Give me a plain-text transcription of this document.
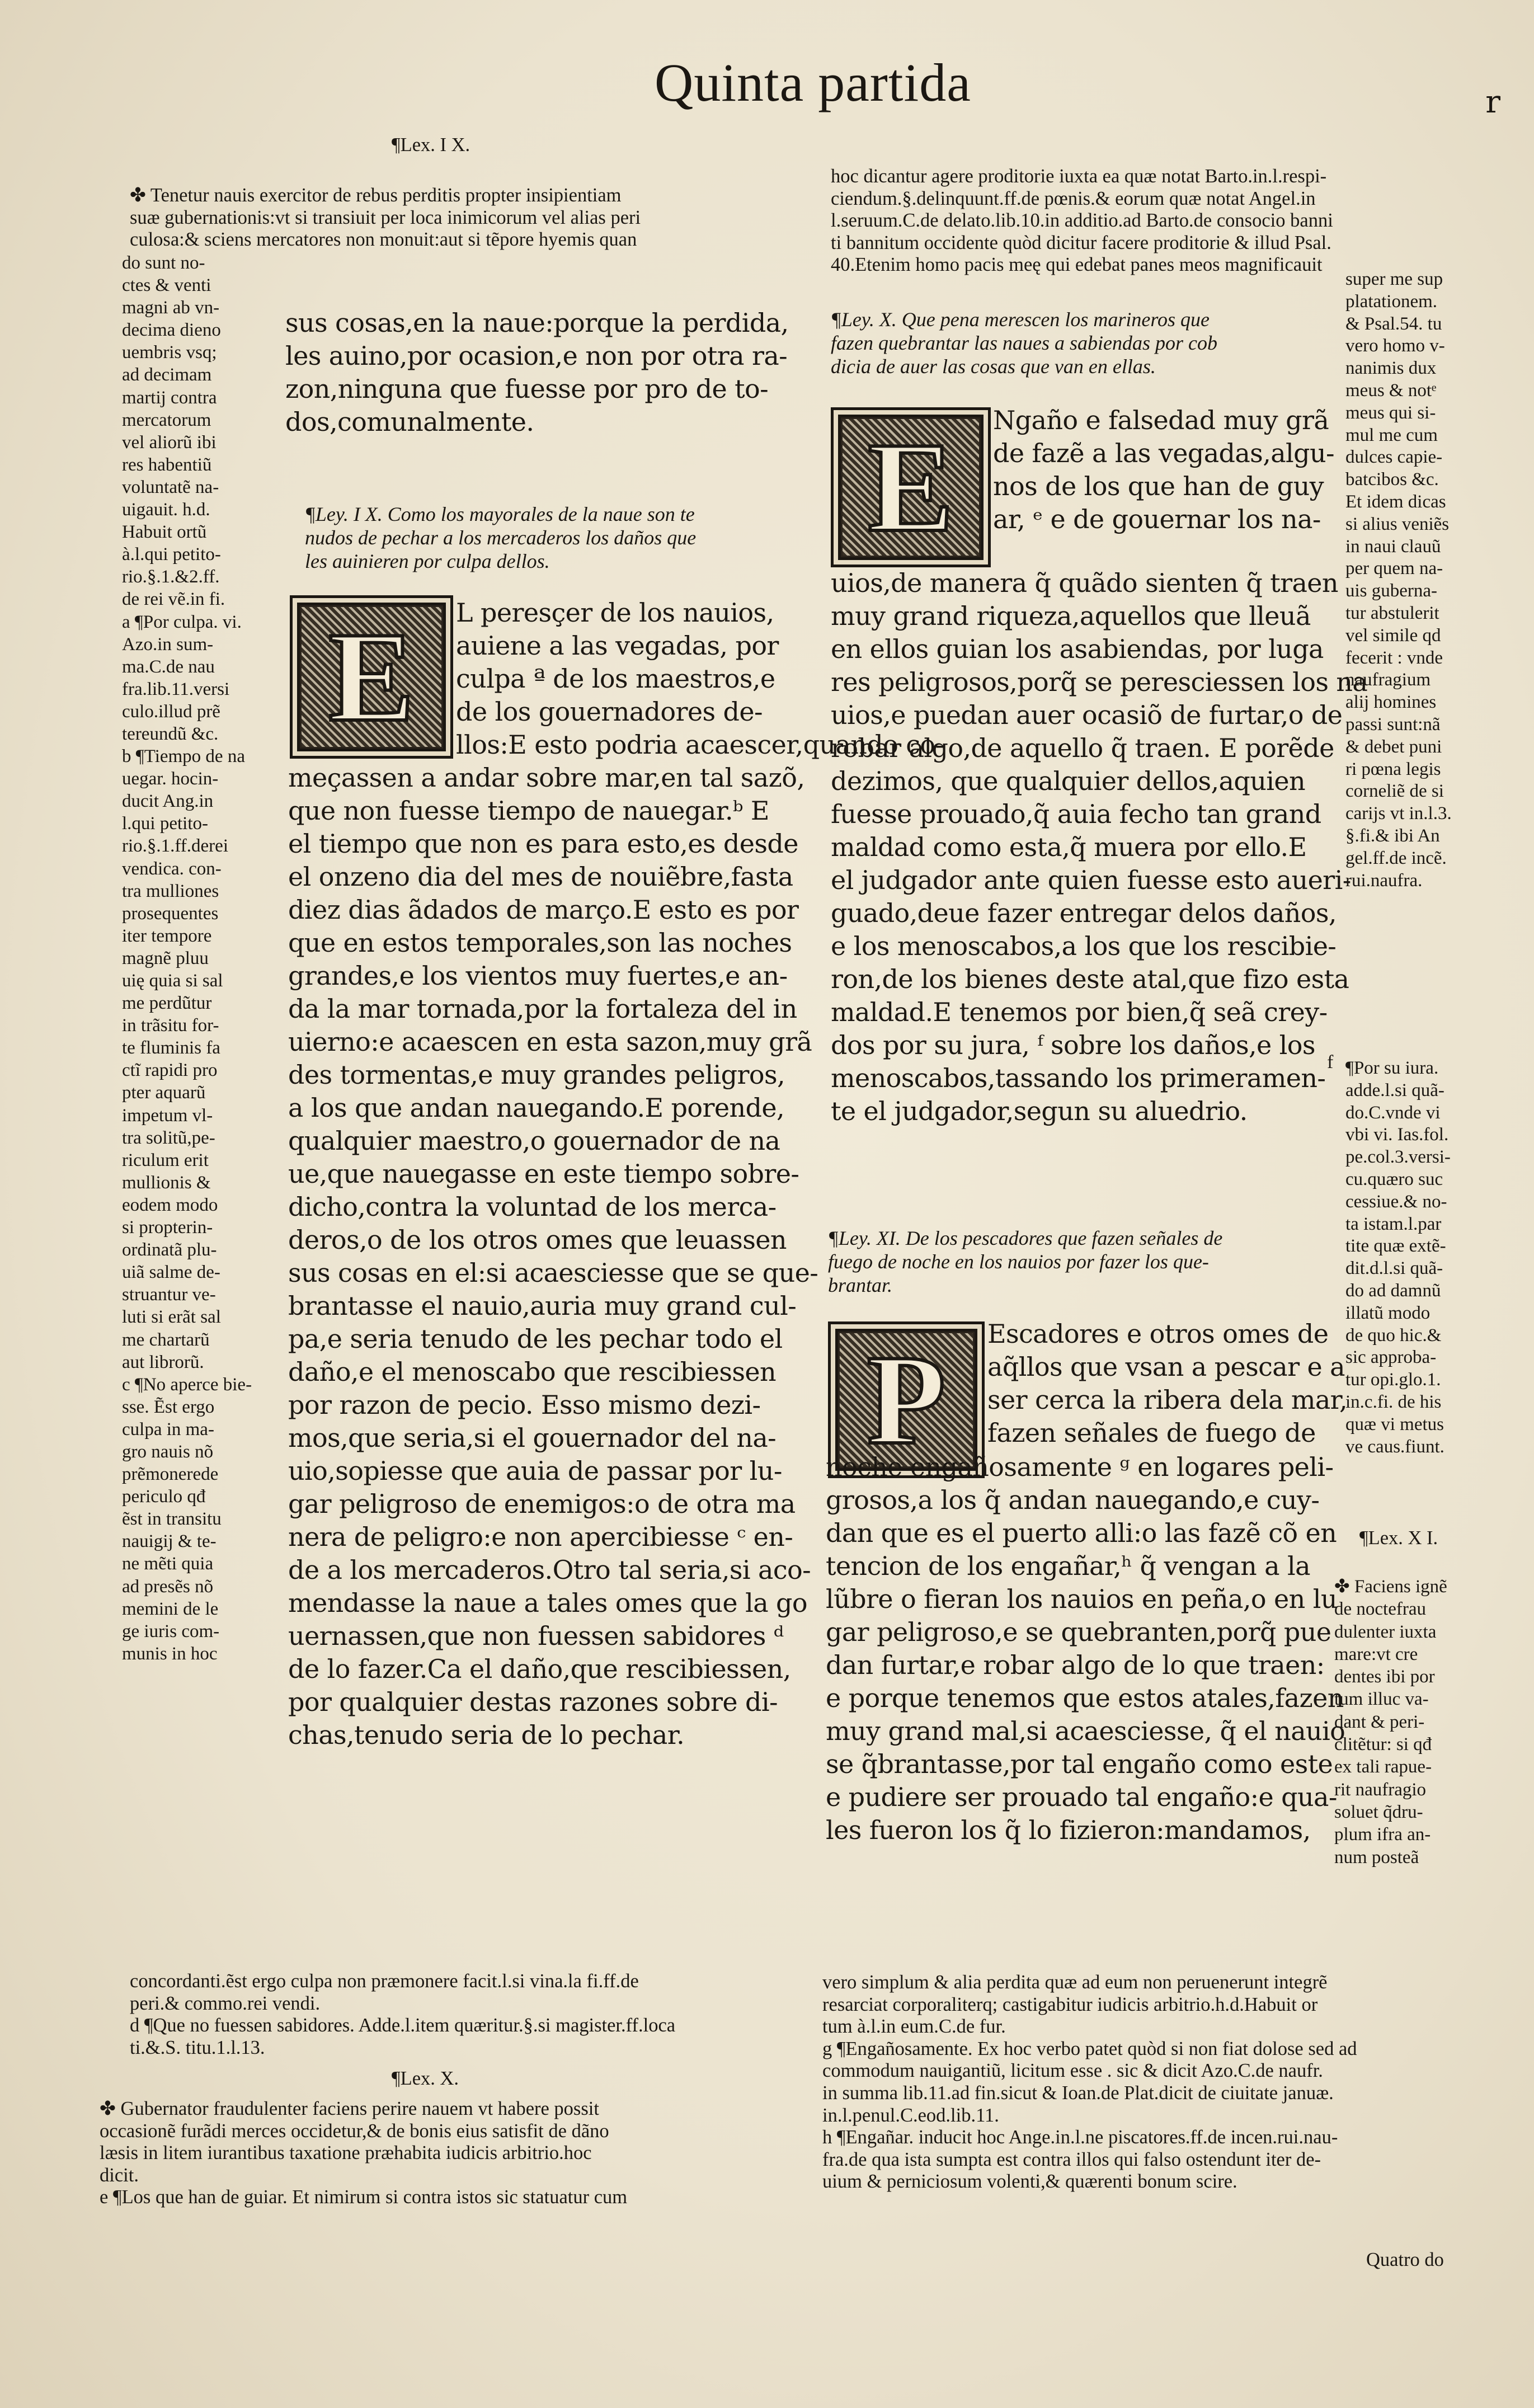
Quinta partida	r
¶Lex. I X.
✤ Tenetur nauis exercitor de rebus perditis propter insipientiam
suæ gubernationis:vt si transiuit per loca inimicorum vel alias peri
culosa:& sciens mercatores non monuit:aut si tẽpore hyemis quan
do sunt no-
ctes & venti
magni ab vn-
decima dieno
uembris vsq;
ad decimam
martij contra
mercatorum
vel aliorũ ibi
res habentiũ
voluntatẽ na-
uigauit. h.d.
Habuit ortũ
à.l.qui petito-
rio.§.1.&2.ff.
de rei vẽ.in fi.
a ¶Por culpa. vi.
Azo.in sum-
ma.C.de nau
fra.lib.11.versi
culo.illud prẽ
tereundũ &c.
b ¶Tiempo de na
uegar. hocin-
ducit Ang.in
l.qui petito-
rio.§.1.ff.derei
vendica. con-
tra mulliones
prosequentes
iter tempore
magnẽ pluu
uię quia si sal
me perdũtur
in trãsitu for-
te fluminis fa
ctĩ rapidi pro
pter aquarũ
impetum vl-
tra solitũ,pe-
riculum erit
mullionis &
eodem modo
si propterin-
ordinatã plu-
uiã salme de-
struantur ve-
luti si erãt sal
me chartarũ
aut librorũ.
c ¶No aperce bie-
sse. Ẽst ergo
culpa in ma-
gro nauis nõ
prẽmonerede
periculo qđ
ẽst in transitu
nauigij & te-
ne mẽti quia
ad presẽs nõ
memini de le
ge iuris com-
munis in hoc
sus cosas,en la naue:porque la perdida,
les auino,por ocasion,e non por otra ra-
zon,ninguna que fuesse por pro de to-
dos,comunalmente.
¶Ley. I X. Como los mayorales de la naue son te
nudos de pechar a los mercaderos los daños que
les auinieren por culpa dellos.
E	L peresçer de los nauios,
auiene a las vegadas, por
culpa ª de los maestros,e
de los gouernadores de-
llos:E esto podria acaescer,quando co-
meçassen a andar sobre mar,en tal sazõ,
que non fuesse tiempo de nauegar.ᵇ E
el tiempo que non es para esto,es desde
el onzeno dia del mes de nouiẽbre,fasta
diez dias ãdados de março.E esto es por
que en estos temporales,son las noches
grandes,e los vientos muy fuertes,e an-
da la mar tornada,por la fortaleza del in
uierno:e acaescen en esta sazon,muy grã
des tormentas,e muy grandes peligros,
a los que andan nauegando.E porende,
qualquier maestro,o gouernador de na
ue,que nauegasse en este tiempo sobre-
dicho,contra la voluntad de los merca-
deros,o de los otros omes que leuassen
sus cosas en el:si acaesciesse que se que-
brantasse el nauio,auria muy grand cul-
pa,e seria tenudo de les pechar todo el
daño,e el menoscabo que rescibiessen
por razon de pecio. Esso mismo dezi-
mos,que seria,si el gouernador del na-
uio,sopiesse que auia de passar por lu-
gar peligroso de enemigos:o de otra ma
nera de peligro:e non apercibiesse ᶜ en-
de a los mercaderos.Otro tal seria,si aco-
mendasse la naue a tales omes que la go
uernassen,que non fuessen sabidores ᵈ
de lo fazer.Ca el daño,que rescibiessen,
por qualquier destas razones sobre di-
chas,tenudo seria de lo pechar.
concordanti.ẽst ergo culpa non præmonere facit.l.si vina.la fi.ff.de
peri.& commo.rei vendi.
d ¶Que no fuessen sabidores. Adde.l.item quæritur.§.si magister.ff.loca
ti.&.S. titu.1.l.13.
¶Lex. X.
✤ Gubernator fraudulenter faciens perire nauem vt habere possit
occasionẽ furãdi merces occidetur,& de bonis eius satisfit de dãno
læsis in litem iurantibus taxatione præhabita iudicis arbitrio.hoc
dicit.
e ¶Los que han de guiar. Et nimirum si contra istos sic statuatur cum
hoc dicantur agere proditorie iuxta ea quæ notat Barto.in.l.respi-
ciendum.§.delinquunt.ff.de pœnis.& eorum quæ notat Angel.in
l.seruum.C.de delato.lib.10.in additio.ad Barto.de consocio banni
ti bannitum occidente quòd dicitur facere proditorie & illud Psal.
40.Etenim homo pacis meę qui edebat panes meos magnificauit
super me sup
platationem.
& Psal.54. tu
vero homo v-
nanimis dux
meus & notᵉ
meus qui si-
mul me cum
dulces capie-
batcibos &c.
Et idem dicas
si alius veniẽs
in naui clauũ
per quem na-
uis guberna-
tur abstulerit
vel simile qd
fecerit : vnde
naufragium
alij homines
passi sunt:nã
& debet puni
ri pœna legis
corneliẽ de si
carijs vt in.l.3.
§.fi.& ibi An
gel.ff.de incẽ.
rui.naufra.
¶Ley. X. Que pena merescen los marineros que
fazen quebrantar las naues a sabiendas por cob
dicia de auer las cosas que van en ellas.
E	Ngaño e falsedad muy grã
de fazẽ a las vegadas,algu-
nos de los que han de guy
ar, ᵉ e de gouernar los na-
uios,de manera q̃ quãdo sienten q̃ traen
muy grand riqueza,aquellos que lleuã
en ellos guian los asabiendas, por luga
res peligrosos,porq̃ se peresciessen los na
uios,e puedan auer ocasiõ de furtar,o de
robar algo,de aquello q̃ traen. E porẽde
dezimos, que qualquier dellos,aquien
fuesse prouado,q̃ auia fecho tan grand
maldad como esta,q̃ muera por ello.E
el judgador ante quien fuesse esto aueri-
guado,deue fazer entregar delos daños,
e los menoscabos,a los que los rescibie-
ron,de los bienes deste atal,que fizo esta
maldad.E tenemos por bien,q̃ seã crey-
dos por su jura, ᶠ sobre los daños,e los
menoscabos,tassando los primeramen-
te el judgador,segun su aluedrio.
f ¶Por su iura.
adde.l.si quã-
do.C.vnde vi
vbi vi. Ias.fol.
pe.col.3.versi-
cu.quæro suc
cessiue.& no-
ta istam.l.par
tite quæ extẽ-
dit.d.l.si quã-
do ad damnũ
illatũ modo
de quo hic.&
sic approba-
tur opi.glo.1.
in.c.fi. de his
quæ vi metus
ve caus.fiunt.
¶Ley. XI. De los pescadores que fazen señales de
fuego de noche en los nauios por fazer los que-
brantar.
P	Escadores e otros omes de
aq̃llos que vsan a pescar e a
ser cerca la ribera dela mar,
fazen señales de fuego de
noche engañosamente ᵍ en logares peli-
grosos,a los q̃ andan nauegando,e cuy-
dan que es el puerto alli:o las fazẽ cõ en
tencion de los engañar,ʰ q̃ vengan a la
lũbre o fieran los nauios en peña,o en lu
gar peligroso,e se quebranten,porq̃ pue
dan furtar,e robar algo de lo que traen:
e porque tenemos que estos atales,fazen
muy grand mal,si acaesciesse, q̃ el nauio
se q̃brantasse,por tal engaño como este
e pudiere ser prouado tal engaño:e qua-
les fueron los q̃ lo fizieron:mandamos,
¶Lex. X I.
✤ Faciens ignẽ
de noctefrau
dulenter iuxta
mare:vt cre
dentes ibi por
tum illuc va-
dant & peri-
clitẽtur: si qđ
ex tali rapue-
rit naufragio
soluet q̃dru-
plum ifra an-
num posteã
vero simplum & alia perdita quæ ad eum non peruenerunt integrẽ
resarciat corporaliterq; castigabitur iudicis arbitrio.h.d.Habuit or
tum à.l.in eum.C.de fur.
g ¶Engañosamente. Ex hoc verbo patet quòd si non fiat dolose sed ad
commodum nauigantiũ, licitum esse . sic & dicit Azo.C.de naufr.
in summa lib.11.ad fin.sicut & Ioan.de Plat.dicit de ciuitate januæ.
in.l.penul.C.eod.lib.11.
h ¶Engañar. inducit hoc Ange.in.l.ne piscatores.ff.de incen.rui.nau-
fra.de qua ista sumpta est contra illos qui falso ostendunt iter de-
uium & perniciosum volenti,& quærenti bonum scire.
Quatro do
